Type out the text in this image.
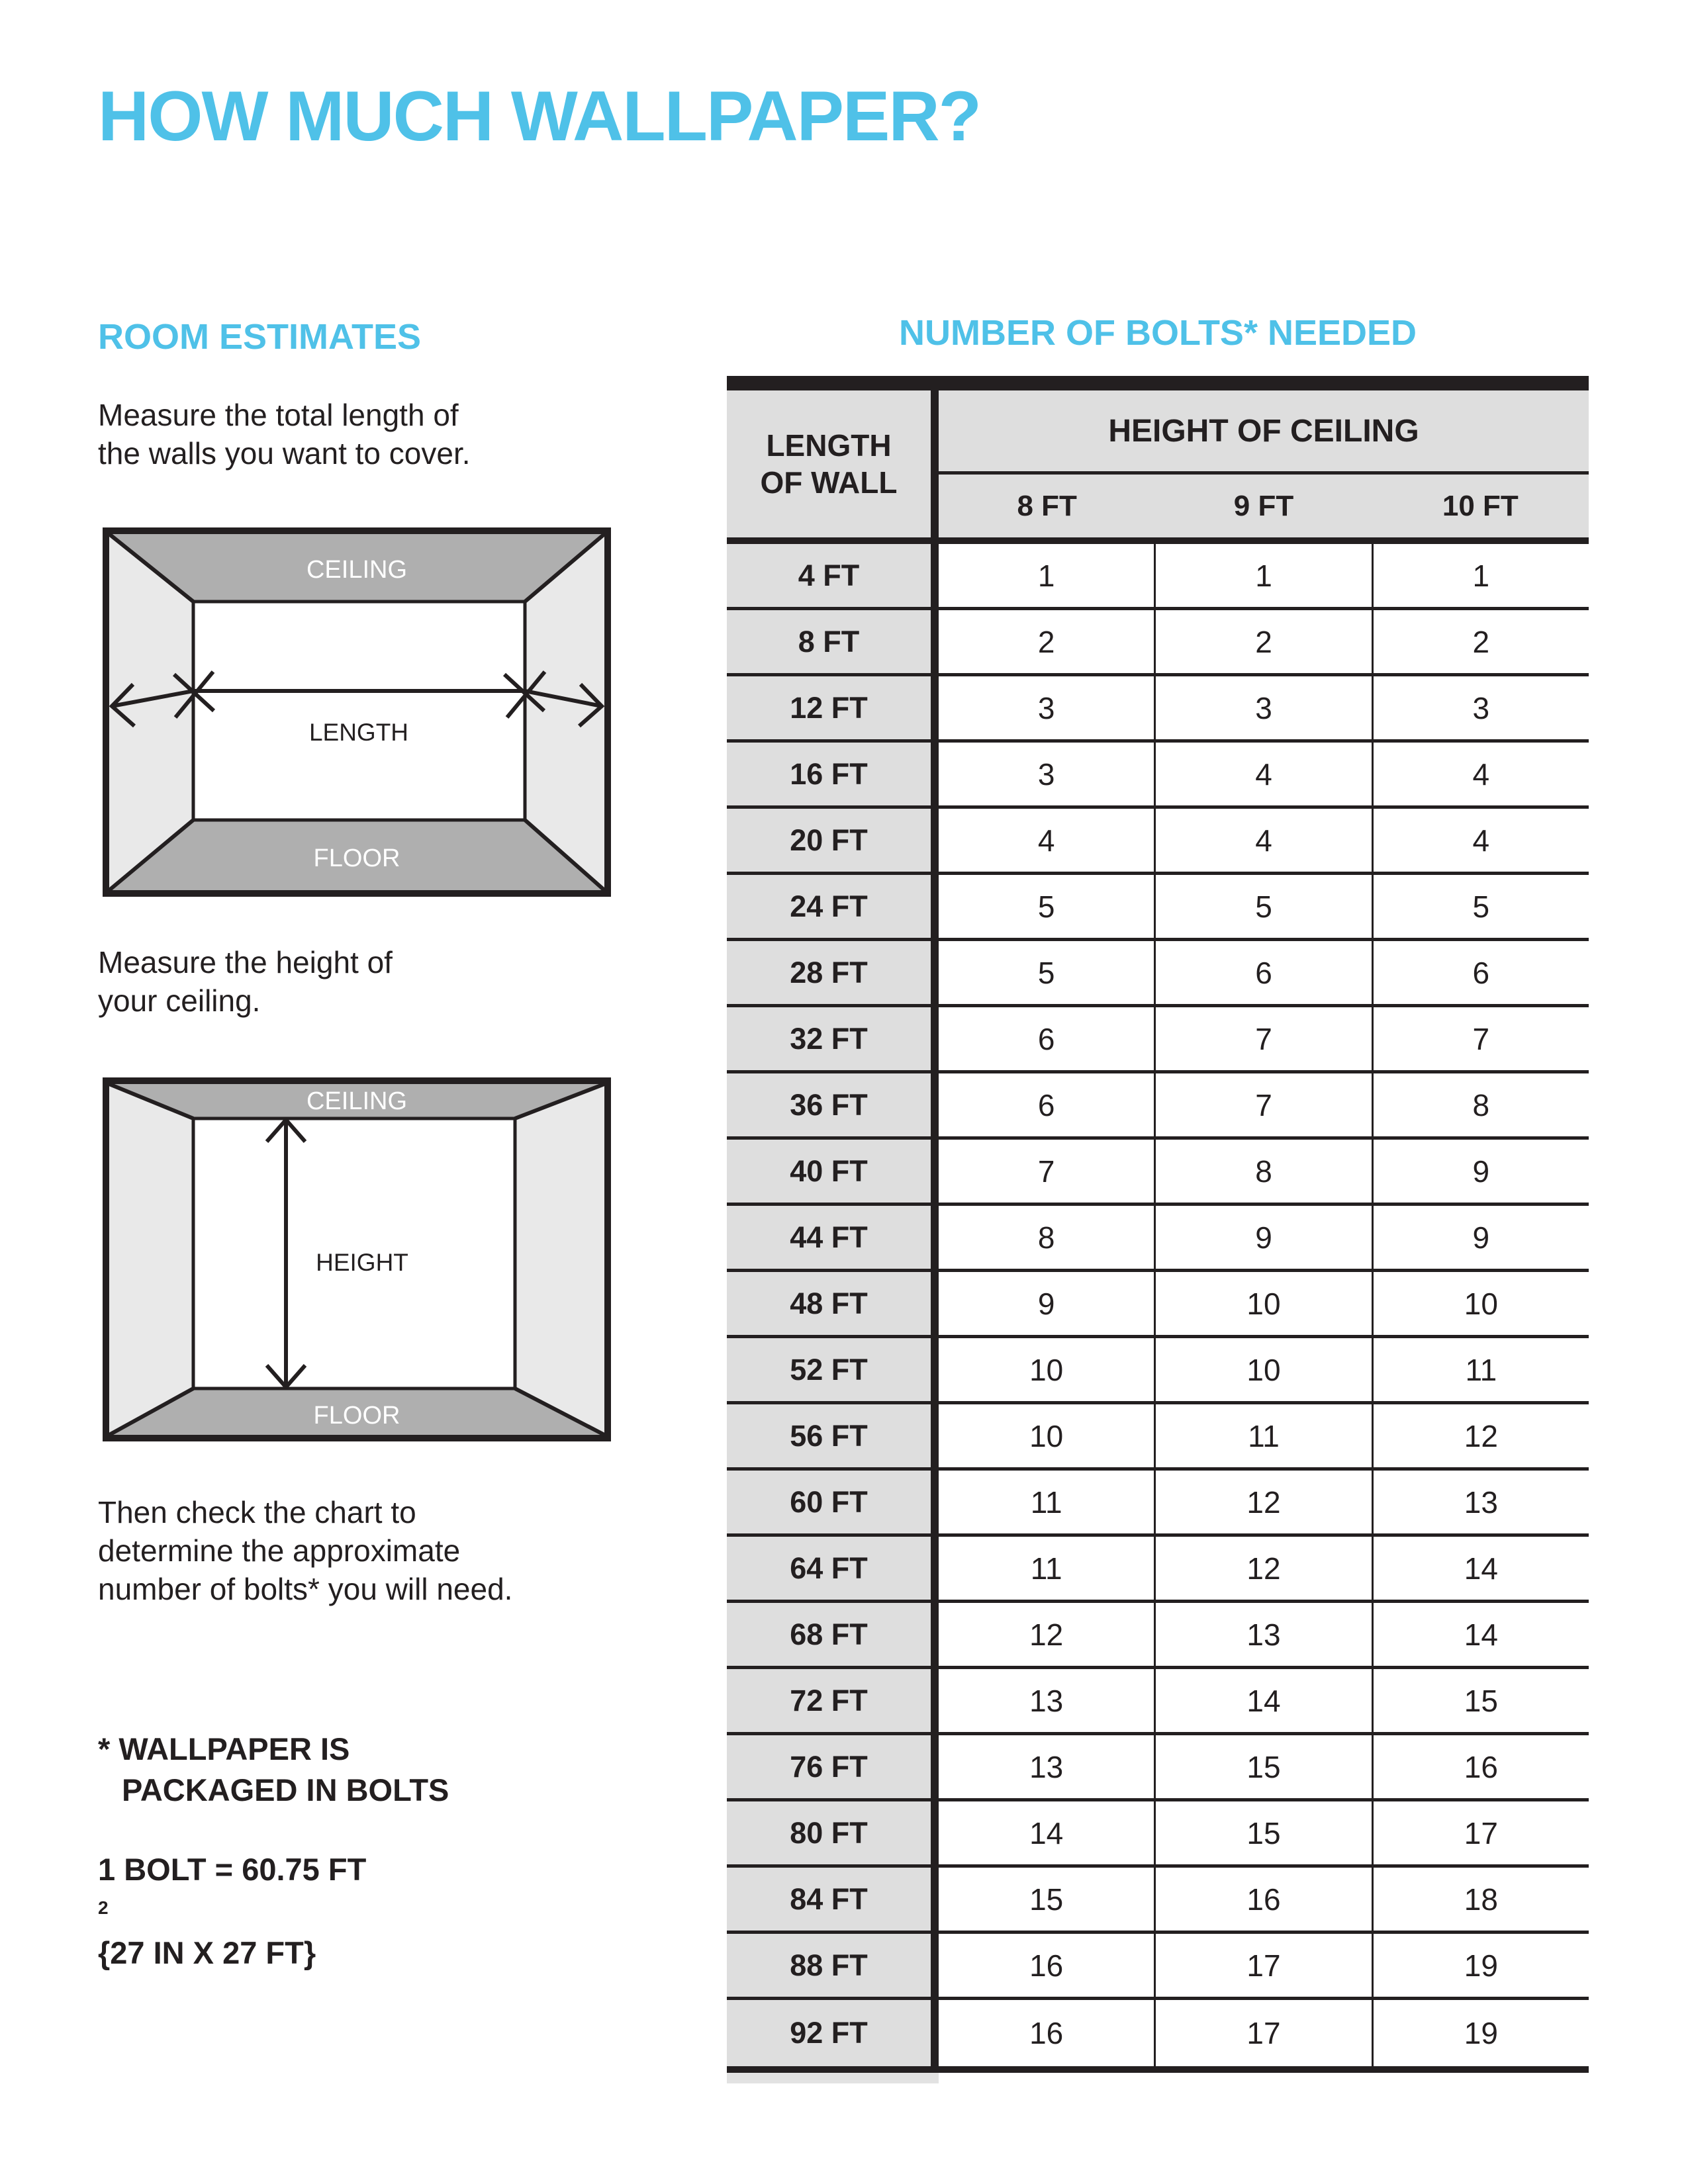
HOW MUCH WALLPAPER?
ROOM ESTIMATES

Measure the total length of
the walls you want to cover.

CEILING
FLOOR
LENGTH

Measure the height of
your ceiling.

CEILING
FLOOR
HEIGHT

Then check the chart to
determine the approximate
number of bolts* you will need.

* WALLPAPER IS
PACKAGED IN BOLTS

1 BOLT = 60.75 FT
$^2$
{27 IN X 27 FT}

NUMBER OF BOLTS* NEEDED
LENGTH
OF WALL
HEIGHT OF CEILING
8 FT	9 FT	10 FT
4 FT	1	1	1
8 FT	2	2	2
12 FT	3	3	3
16 FT	3	4	4
20 FT	4	4	4
24 FT	5	5	5
28 FT	5	6	6
32 FT	6	7	7
36 FT	6	7	8
40 FT	7	8	9
44 FT	8	9	9
48 FT	9	10	10
52 FT	10	10	11
56 FT	10	11	12
60 FT	11	12	13
64 FT	11	12	14
68 FT	12	13	14
72 FT	13	14	15
76 FT	13	15	16
80 FT	14	15	17
84 FT	15	16	18
88 FT	16	17	19
92 FT	16	17	19
